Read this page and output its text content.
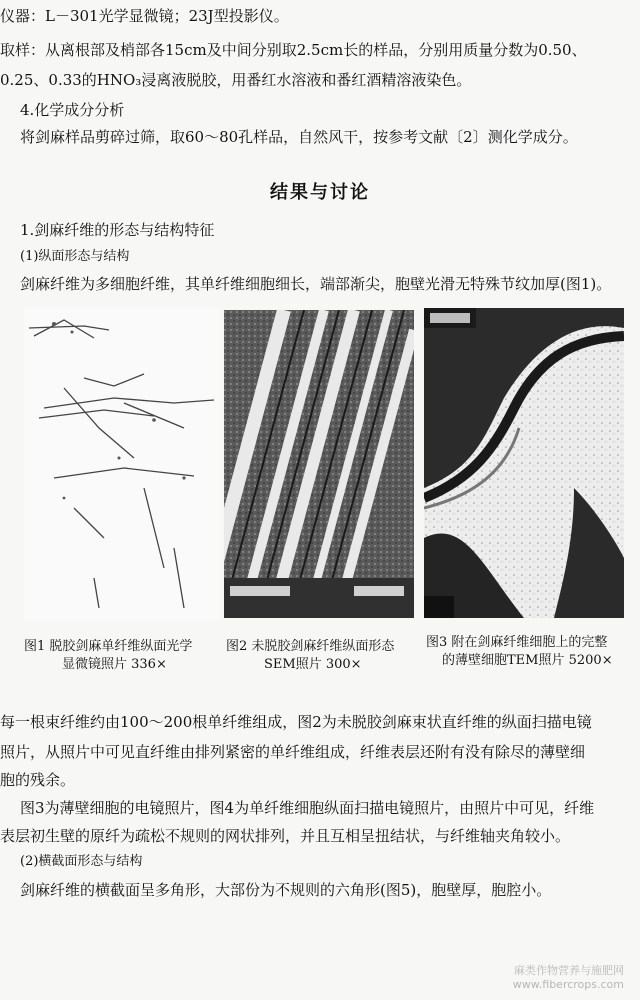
仪器：L－301光学显微镜；23J型投影仪。
取样：从离根部及梢部各15cm及中间分别取2.5cm长的样品，分别用质量分数为0.50、
0.25、0.33的HNO₃浸离液脱胶，用番红水溶液和番红酒精溶液染色。
4.化学成分分析
将剑麻样品剪碎过筛，取60～80孔样品，自然风干，按参考文献〔2〕测化学成分。
结果与讨论
1.剑麻纤维的形态与结构特征
(1)纵面形态与结构
剑麻纤维为多细胞纤维，其单纤维细胞细长，端部渐尖，胞壁光滑无特殊节纹加厚(图1)。
图1 脱胶剑麻单纤维纵面光学
显微镜照片 336×
图2 未脱胶剑麻纤维纵面形态
SEM照片 300×
图3 附在剑麻纤维细胞上的完整
的薄壁细胞TEM照片 5200×
每一根束纤维约由100～200根单纤维组成，图2为未脱胶剑麻束状直纤维的纵面扫描电镜
照片，从照片中可见直纤维由排列紧密的单纤维组成，纤维表层还附有没有除尽的薄壁细
胞的残余。
图3为薄壁细胞的电镜照片，图4为单纤维细胞纵面扫描电镜照片，由照片中可见，纤维
表层初生壁的原纤为疏松不规则的网状排列，并且互相呈扭结状，与纤维轴夹角较小。
(2)横截面形态与结构
剑麻纤维的横截面呈多角形，大部份为不规则的六角形(图5)，胞壁厚，胞腔小。
麻类作物营养与施肥网
www.fibercrops.com
